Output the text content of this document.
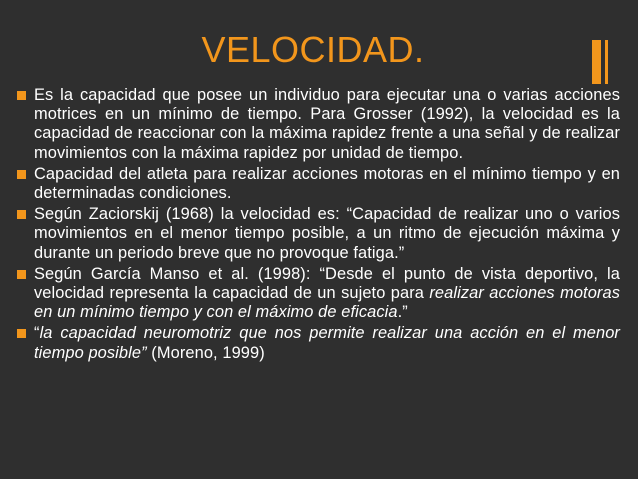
VELOCIDAD.
Es la capacidad que posee un individuo para ejecutar una o varias acciones motrices en un mínimo de tiempo. Para Grosser (1992), la velocidad es la capacidad de reaccionar con la máxima rapidez frente a una señal y de realizar movimientos con la máxima rapidez por unidad de tiempo.
Capacidad del atleta para realizar acciones motoras en el mínimo tiempo y en determinadas condiciones.
Según Zaciorskij (1968) la velocidad es: “Capacidad de realizar uno o varios movimientos en el menor tiempo posible, a un ritmo de ejecución máxima y durante un periodo breve que no provoque fatiga.”
Según García Manso et al. (1998): “Desde el punto de vista deportivo, la velocidad representa la capacidad de un sujeto para realizar acciones motoras en un mínimo tiempo y con el máximo de eficacia.”
“la capacidad neuromotriz que nos permite realizar una acción en el menor tiempo posible” (Moreno, 1999)
